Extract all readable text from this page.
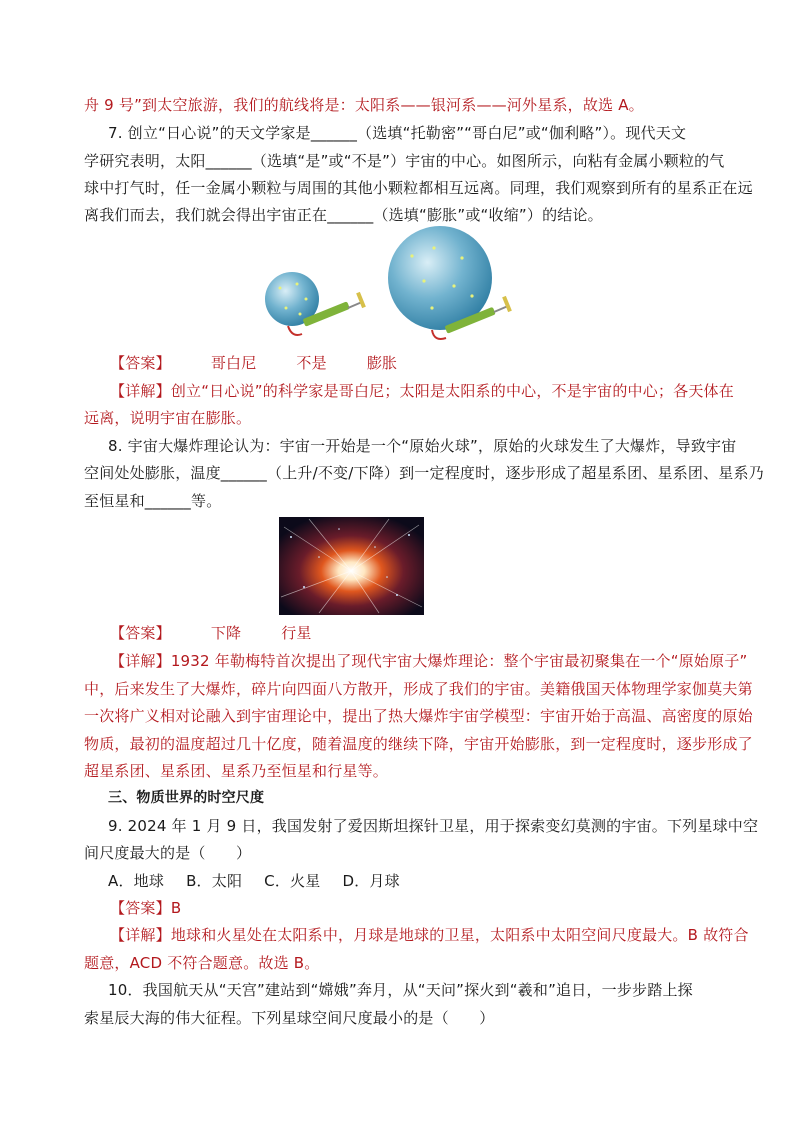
舟 9 号”到太空旅游，我们的航线将是：太阳系——银河系——河外星系，故选 A。
7. 创立“日心说”的天文学家是______（选填“托勒密”“哥白尼”或“伽利略”）。现代天文
学研究表明，太阳______（选填“是”或“不是”）宇宙的中心。如图所示，向粘有金属小颗粒的气
球中打气时，任一金属小颗粒与周围的其他小颗粒都相互远离。同理，我们观察到所有的星系正在远
离我们而去，我们就会得出宇宙正在______（选填“膨胀”或“收缩”）的结论。
【答案】	哥白尼	不是	膨胀
【详解】创立“日心说”的科学家是哥白尼；太阳是太阳系的中心，不是宇宙的中心；各天体在
远离，说明宇宙在膨胀。
8. 宇宙大爆炸理论认为：宇宙一开始是一个“原始火球”，原始的火球发生了大爆炸，导致宇宙
空间处处膨胀，温度______（上升/不变/下降）到一定程度时，逐步形成了超星系团、星系团、星系乃
至恒星和______等。
【答案】	下降	行星
【详解】1932 年勒梅特首次提出了现代宇宙大爆炸理论：整个宇宙最初聚集在一个“原始原子”
中，后来发生了大爆炸，碎片向四面八方散开，形成了我们的宇宙。美籍俄国天体物理学家伽莫夫第
一次将广义相对论融入到宇宙理论中，提出了热大爆炸宇宙学模型：宇宙开始于高温、高密度的原始
物质，最初的温度超过几十亿度，随着温度的继续下降，宇宙开始膨胀，到一定程度时，逐步形成了
超星系团、星系团、星系乃至恒星和行星等。
三、物质世界的时空尺度
9. 2024 年 1 月 9 日，我国发射了爱因斯坦探针卫星，用于探索变幻莫测的宇宙。下列星球中空
间尺度最大的是（　　）
A．地球 B．太阳 C．火星 D．月球
【答案】B
【详解】地球和火星处在太阳系中，月球是地球的卫星，太阳系中太阳空间尺度最大。B 故符合
题意，ACD 不符合题意。故选 B。
10．我国航天从“天宫”建站到“嫦娥”奔月，从“天问”探火到“羲和”追日，一步步踏上探
索星辰大海的伟大征程。下列星球空间尺度最小的是（　　）
